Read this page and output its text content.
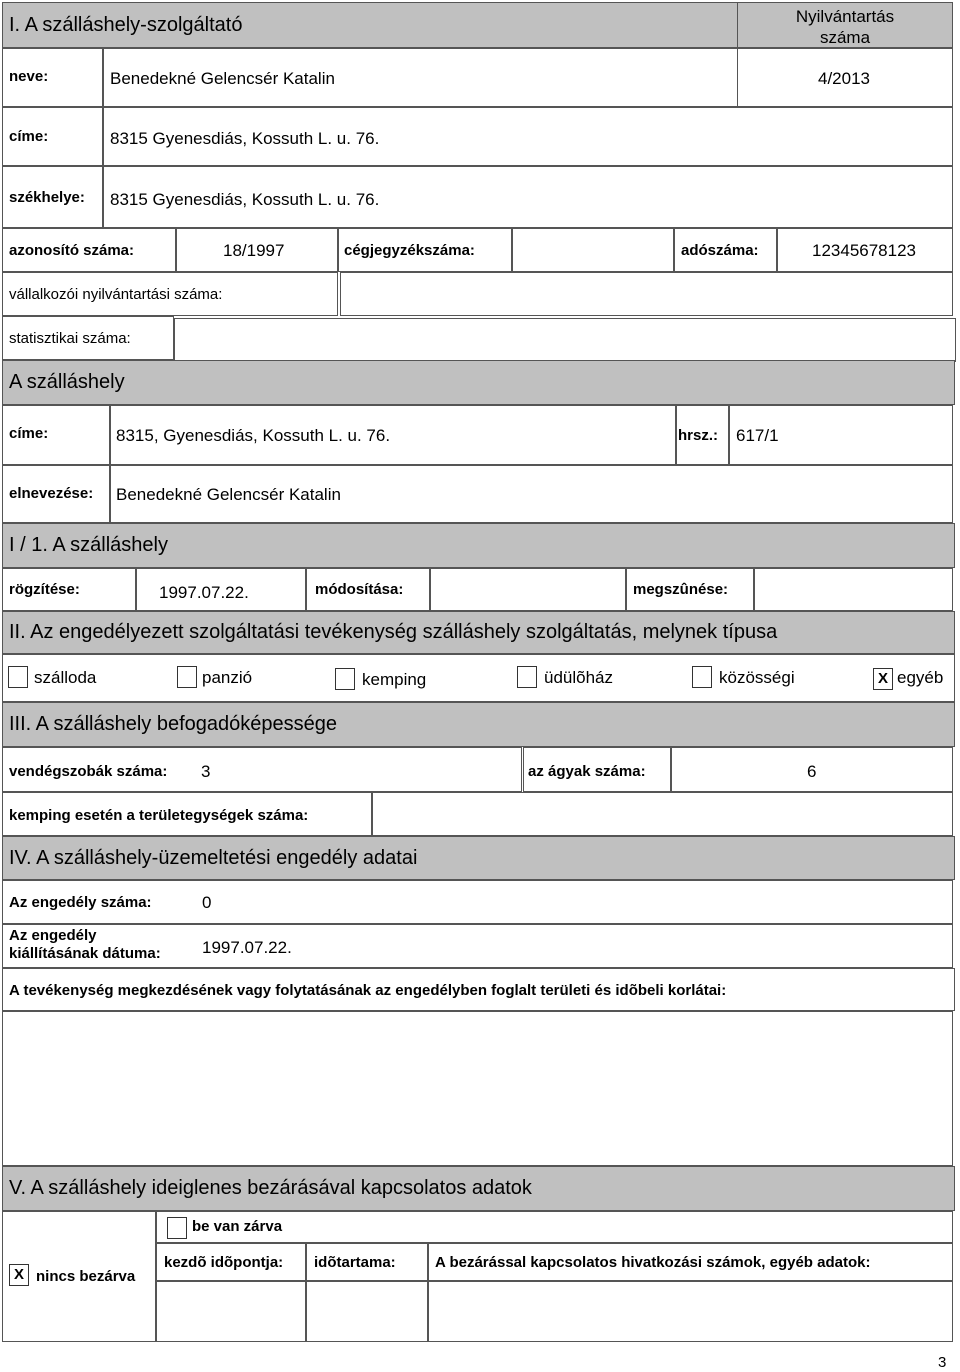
I. A szálláshely-szolgáltató	Nyilvántartás
száma
neve:	Benedekné Gelencsér Katalin	4/2013
címe:	8315 Gyenesdiás, Kossuth L. u. 76.
székhelye: 8315 Gyenesdiás, Kossuth L. u. 76.
azonosító száma:	18/1997	cégjegyzékszáma:	adószáma:	12345678123
vállalkozói nyilvántartási száma:
statisztikai száma:
A szálláshely
címe:	8315, Gyenesdiás, Kossuth L. u. 76.	hrsz.: 617/1
elnevezése: Benedekné Gelencsér Katalin
I / 1. A szálláshely
rögzítése:	1997.07.22.	módosítása:	megszûnése:
II. Az engedélyezett szolgáltatási tevékenység szálláshely szolgáltatás, melynek típusa
szálloda	panzió	kemping	üdülõház	közösségi	X egyéb
III. A szálláshely befogadóképessége
vendégszobák száma: 3	az ágyak száma:	6
kemping esetén a területegységek száma:
IV. A szálláshely-üzemeltetési engedély adatai
Az engedély száma:	0
Az engedély
kiállításának dátuma: 1997.07.22.
A tevékenység megkezdésének vagy folytatásának az engedélyben foglalt területi és idõbeli korlátai:
V. A szálláshely ideiglenes bezárásával kapcsolatos adatok
X nincs bezárva
be van zárva
kezdõ idõpontja: idõtartama:	A bezárással kapcsolatos hivatkozási számok, egyéb adatok:
3
